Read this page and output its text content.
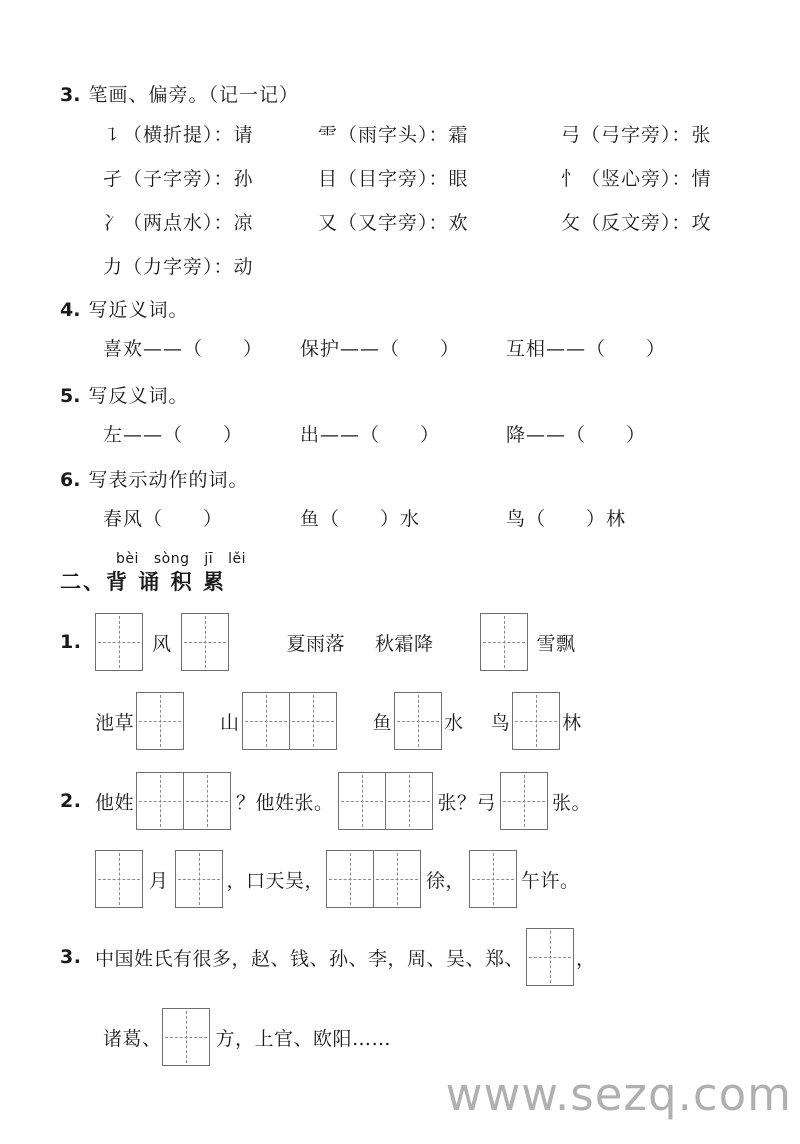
3. 笔画、偏旁。（记一记）
㇊（横折提）：请	⻗（雨字头）：霜	弓（弓字旁）：张
孑（子字旁）：孙	目（目字旁）：眼	忄（竖心旁）：情
冫（两点水）：凉	又（又字旁）：欢	攵（反文旁）：攻
力（力字旁）：动
4. 写近义词。
喜欢——（　　）	保护——（　　）	互相——（　　）
5. 写反义词。
左——（　　）	出——（　　）	降——（　　）
6. 写表示动作的词。
春风（　　）	鱼（　　）水	鸟（　　）林
bèi sòng jī lěi
二、背 诵 积 累
1.	风	夏雨落 秋霜降	雪飘
池草	山	鱼	水 鸟	林
2. 他姓	？他姓张。	张？弓	张。
月	，口天吴，	徐，	午许。
3. 中国姓氏有很多，赵、钱、孙、李，周、吴、郑、	，
诸葛、	方，上官、欧阳……
www.sezq.com
